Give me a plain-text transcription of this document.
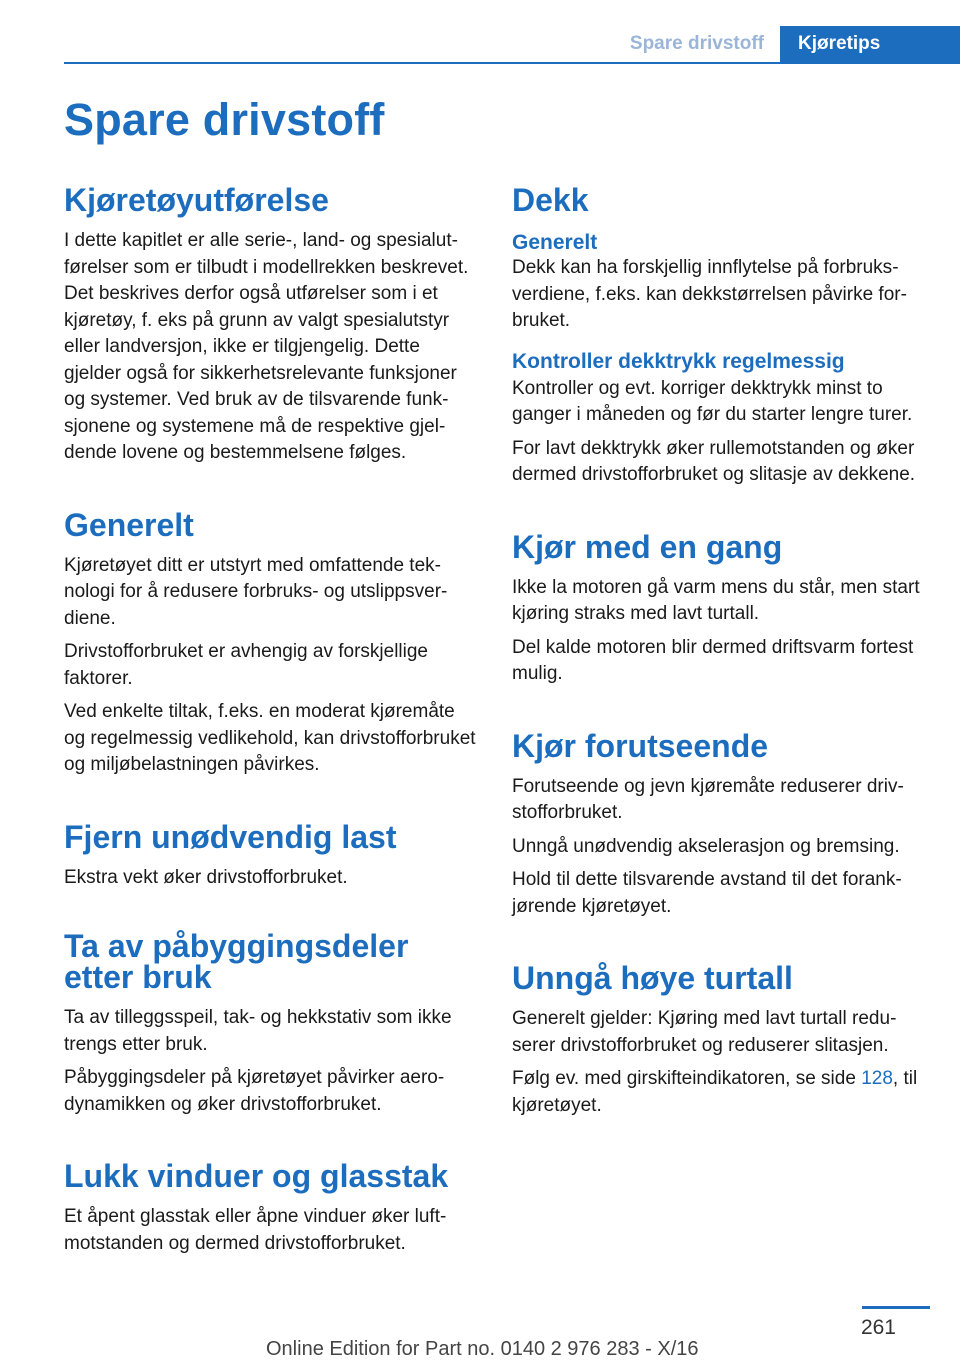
Spare drivstoff	Kjøretips
Spare drivstoff
Kjøretøyutførelse

I dette kapitlet er alle serie-, land- og spesialutførelser som er tilbudt i modellrekken beskrevet. Det beskrives derfor også utførelser som i et kjøretøy, f. eks på grunn av valgt spesialutstyr eller landversjon, ikke er tilgjengelig. Dette gjelder også for sikkerhetsrelevante funksjoner og systemer. Ved bruk av de tilsvarende funksjonene og systemene må de respektive gjeldende lovene og bestemmelsene følges.

Generelt

Kjøretøyet ditt er utstyrt med omfattende teknologi for å redusere forbruks- og utslippsverdiene.

Drivstofforbruket er avhengig av forskjellige faktorer.

Ved enkelte tiltak, f.eks. en moderat kjøremåte og regelmessig vedlikehold, kan drivstofforbruket og miljøbelastningen påvirkes.

Fjern unødvendig last

Ekstra vekt øker drivstofforbruket.

Ta av påbyggingsdeler etter bruk

Ta av tilleggsspeil, tak- og hekkstativ som ikke trengs etter bruk.

Påbyggingsdeler på kjøretøyet påvirker aerodynamikken og øker drivstofforbruket.

Lukk vinduer og glasstak

Et åpent glasstak eller åpne vinduer øker luftmotstanden og dermed drivstofforbruket.

Dekk
Generelt

Dekk kan ha forskjellig innflytelse på forbruksverdiene, f.eks. kan dekkstørrelsen påvirke forbruket.

Kontroller dekktrykk regelmessig

Kontroller og evt. korriger dekktrykk minst to ganger i måneden og før du starter lengre turer.

For lavt dekktrykk øker rullemotstanden og øker dermed drivstofforbruket og slitasje av dekkene.

Kjør med en gang

Ikke la motoren gå varm mens du står, men start kjøring straks med lavt turtall.

Del kalde motoren blir dermed driftsvarm fortest mulig.

Kjør forutseende

Forutseende og jevn kjøremåte reduserer drivstofforbruket.

Unngå unødvendig akselerasjon og bremsing.

Hold til dette tilsvarende avstand til det forankjørende kjøretøyet.

Unngå høye turtall

Generelt gjelder: Kjøring med lavt turtall reduserer drivstofforbruket og reduserer slitasjen.

Følg ev. med girskifteindikatoren, se side 128, til kjøretøyet.

261
Online Edition for Part no. 0140 2 976 283 - X/16
